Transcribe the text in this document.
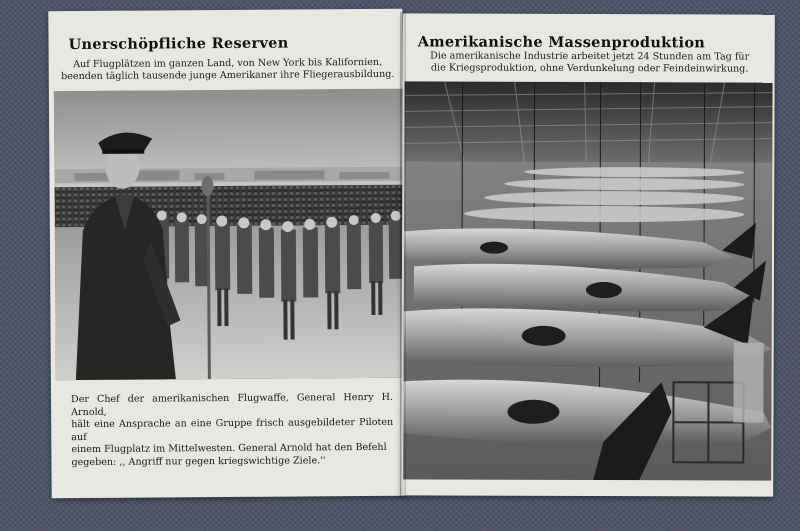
Unerschöpfliche Reserven
Auf Flugplätzen im ganzen Land, von New York bis Kalifornien,
beenden täglich tausende junge Amerikaner ihre Fliegerausbildung.
Der Chef der amerikanischen Flugwaffe, General Henry H. Arnold,
hält eine Ansprache an eine Gruppe frisch ausgebildeter Piloten auf
einem Flugplatz im Mittelwesten. General Arnold hat den Befehl
gegeben: ,, Angriff nur gegen kriegswichtige Ziele.''
Amerikanische Massenproduktion
Die amerikanische Industrie arbeitet jetzt 24 Stunden am Tag für
die Kriegsproduktion, ohne Verdunkelung oder Feindeinwirkung.
